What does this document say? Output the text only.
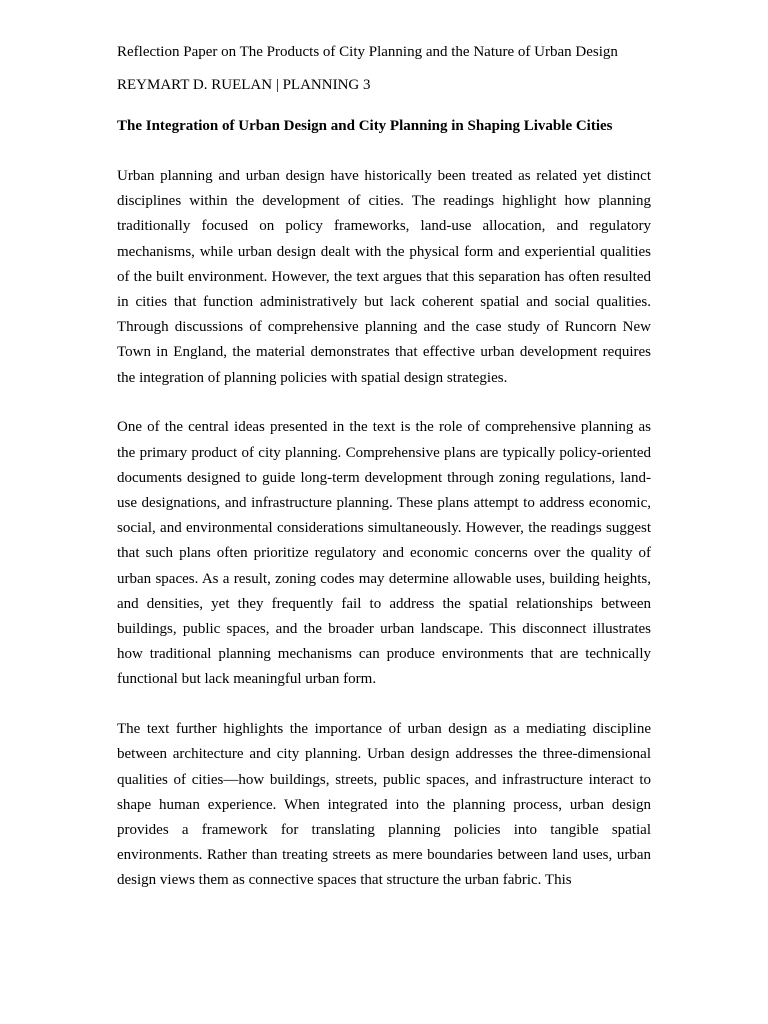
Reflection Paper on The Products of City Planning and the Nature of Urban Design

REYMART D. RUELAN | PLANNING 3

The Integration of Urban Design and City Planning in Shaping Livable Cities

Urban planning and urban design have historically been treated as related yet distinct disciplines within the development of cities. The readings highlight how planning traditionally focused on policy frameworks, land-use allocation, and regulatory mechanisms, while urban design dealt with the physical form and experiential qualities of the built environment. However, the text argues that this separation has often resulted in cities that function administratively but lack coherent spatial and social qualities. Through discussions of comprehensive planning and the case study of Runcorn New Town in England, the material demonstrates that effective urban development requires the integration of planning policies with spatial design strategies.

One of the central ideas presented in the text is the role of comprehensive planning as the primary product of city planning. Comprehensive plans are typically policy-oriented documents designed to guide long-term development through zoning regulations, land-use designations, and infrastructure planning. These plans attempt to address economic, social, and environmental considerations simultaneously. However, the readings suggest that such plans often prioritize regulatory and economic concerns over the quality of urban spaces. As a result, zoning codes may determine allowable uses, building heights, and densities, yet they frequently fail to address the spatial relationships between buildings, public spaces, and the broader urban landscape. This disconnect illustrates how traditional planning mechanisms can produce environments that are technically functional but lack meaningful urban form.

The text further highlights the importance of urban design as a mediating discipline between architecture and city planning. Urban design addresses the three-dimensional qualities of cities—how buildings, streets, public spaces, and infrastructure interact to shape human experience. When integrated into the planning process, urban design provides a framework for translating planning policies into tangible spatial environments. Rather than treating streets as mere boundaries between land uses, urban design views them as connective spaces that structure the urban fabric. This
